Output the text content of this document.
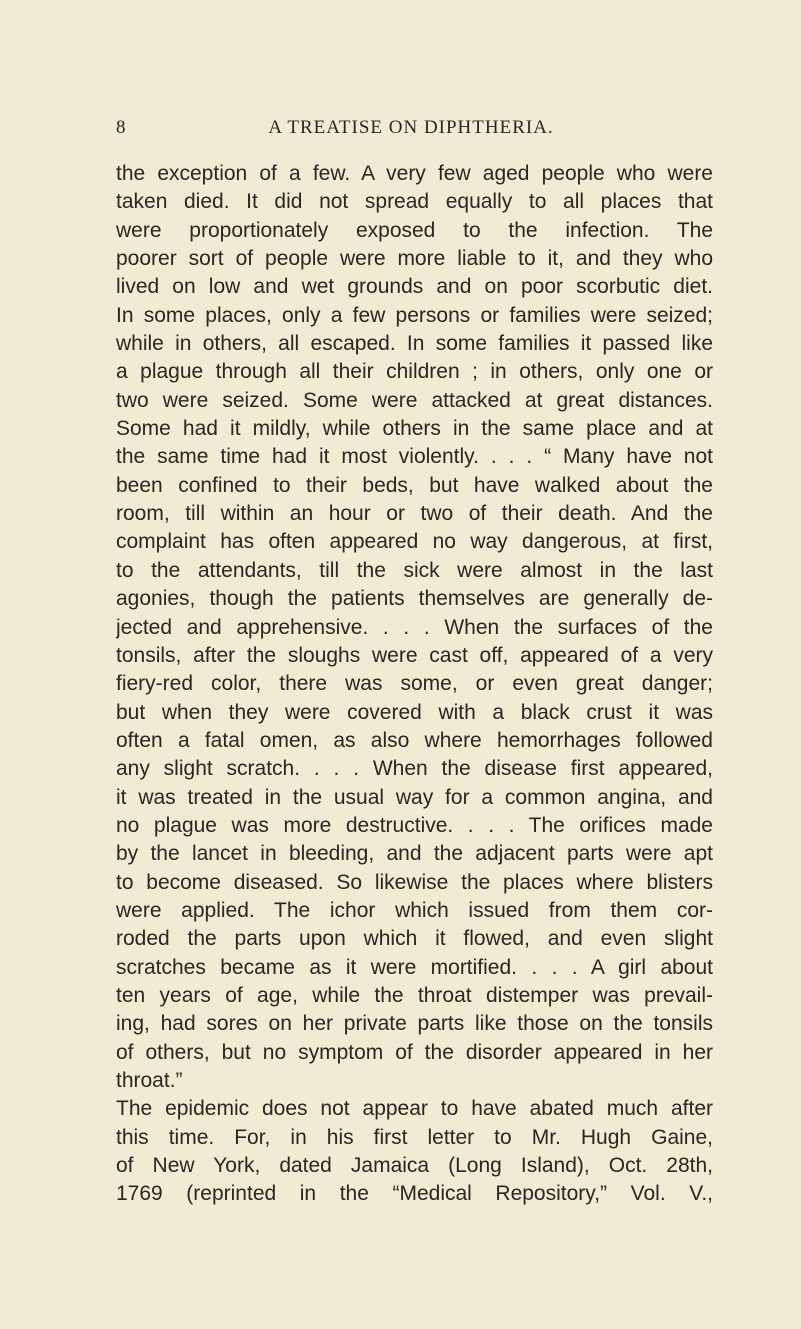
8	A TREATISE ON DIPHTHERIA.
the exception of a few. A very few aged people who were
taken died. It did not spread equally to all places that
were proportionately exposed to the infection. The
poorer sort of people were more liable to it, and they who
lived on low and wet grounds and on poor scorbutic diet.
In some places, only a few persons or families were seized;
while in others, all escaped. In some families it passed like
a plague through all their children ; in others, only one or
two were seized. Some were attacked at great distances.
Some had it mildly, while others in the same place and at
the same time had it most violently. . . . “ Many have not
been confined to their beds, but have walked about the
room, till within an hour or two of their death. And the
complaint has often appeared no way dangerous, at first,
to the attendants, till the sick were almost in the last
agonies, though the patients themselves are generally de-
jected and apprehensive. . . . When the surfaces of the
tonsils, after the sloughs were cast off, appeared of a very
fiery-red color, there was some, or even great danger;
but when they were covered with a black crust it was
often a fatal omen, as also where hemorrhages followed
any slight scratch. . . . When the disease first appeared,
it was treated in the usual way for a common angina, and
no plague was more destructive. . . . The orifices made
by the lancet in bleeding, and the adjacent parts were apt
to become diseased. So likewise the places where blisters
were applied. The ichor which issued from them cor-
roded the parts upon which it flowed, and even slight
scratches became as it were mortified. . . . A girl about
ten years of age, while the throat distemper was prevail-
ing, had sores on her private parts like those on the tonsils
of others, but no symptom of the disorder appeared in her
throat.”
The epidemic does not appear to have abated much after
this time. For, in his first letter to Mr. Hugh Gaine,
of New York, dated Jamaica (Long Island), Oct. 28th,
1769 (reprinted in the “Medical Repository,” Vol. V.,
